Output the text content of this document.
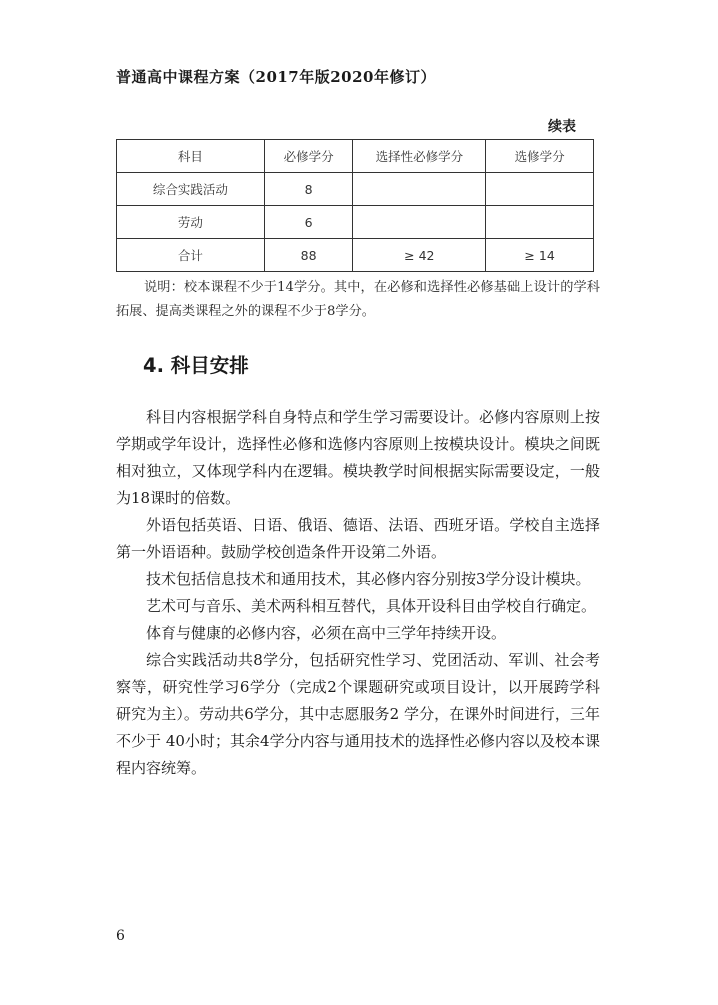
普通高中课程方案（2017年版2020年修订）
续表
科目	必修学分	选择性必修学分	选修学分
综合实践活动	8		
劳动	6		
合计	88	≥ 42	≥ 14
说明：校本课程不少于14学分。其中，在必修和选择性必修基础上设计的学科拓展、提高类课程之外的课程不少于8学分。
4. 科目安排

科目内容根据学科自身特点和学生学习需要设计。必修内容原则上按学期或学年设计，选择性必修和选修内容原则上按模块设计。模块之间既相对独立，又体现学科内在逻辑。模块教学时间根据实际需要设定，一般为18课时的倍数。

外语包括英语、日语、俄语、德语、法语、西班牙语。学校自主选择第一外语语种。鼓励学校创造条件开设第二外语。

技术包括信息技术和通用技术，其必修内容分别按3学分设计模块。

艺术可与音乐、美术两科相互替代，具体开设科目由学校自行确定。

体育与健康的必修内容，必须在高中三学年持续开设。

综合实践活动共8学分，包括研究性学习、党团活动、军训、社会考察等，研究性学习6学分（完成2个课题研究或项目设计，以开展跨学科研究为主）。劳动共6学分，其中志愿服务2 学分，在课外时间进行，三年不少于 40小时；其余4学分内容与通用技术的选择性必修内容以及校本课程内容统筹。

6
